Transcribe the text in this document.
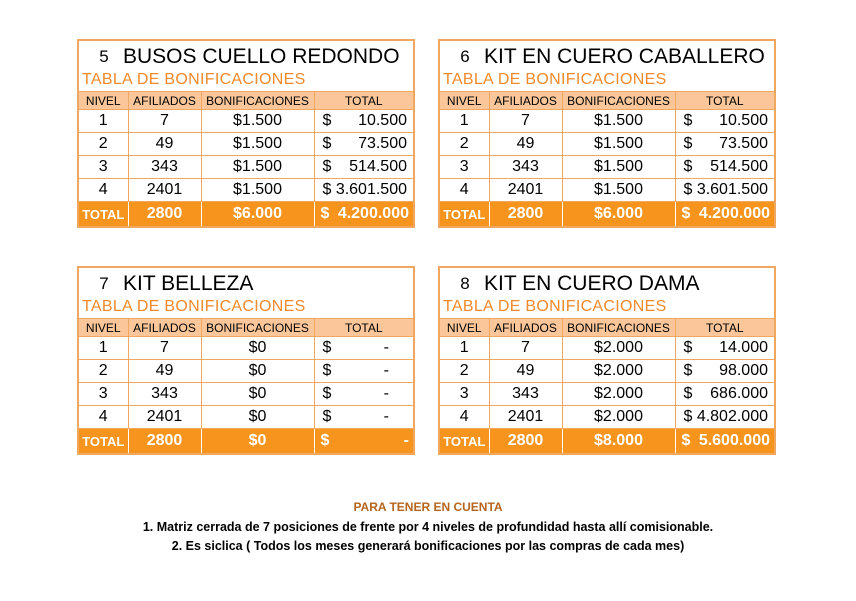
5 BUSOS CUELLO REDONDO
TABLA DE BONIFICACIONES
NIVEL	AFILIADOS	BONIFICACIONES	TOTAL
1	7	$1.500	$ 10.500

2	49	$1.500	$ 73.500

3	343	$1.500	$ 514.500

4	2401	$1.500	$ 3.601.500

TOTAL	2800	$6.000	$ 4.200.000
6 KIT EN CUERO CABALLERO
TABLA DE BONIFICACIONES
NIVEL	AFILIADOS	BONIFICACIONES	TOTAL
1	7	$1.500	$ 10.500

2	49	$1.500	$ 73.500

3	343	$1.500	$ 514.500

4	2401	$1.500	$ 3.601.500

TOTAL	2800	$6.000	$ 4.200.000
7 KIT BELLEZA
TABLA DE BONIFICACIONES
NIVEL	AFILIADOS	BONIFICACIONES	TOTAL
1	7	$0	$ -

2	49	$0	$ -

3	343	$0	$ -

4	2401	$0	$ -

TOTAL	2800	$0	$ -
8 KIT EN CUERO DAMA
TABLA DE BONIFICACIONES
NIVEL	AFILIADOS	BONIFICACIONES	TOTAL
1	7	$2.000	$ 14.000

2	49	$2.000	$ 98.000

3	343	$2.000	$ 686.000

4	2401	$2.000	$ 4.802.000

TOTAL	2800	$8.000	$ 5.600.000
PARA TENER EN CUENTA
1. Matriz cerrada de 7 posiciones de frente por 4 niveles de profundidad hasta allí comisionable.
2. Es siclica ( Todos los meses generará bonificaciones por las compras de cada mes)
